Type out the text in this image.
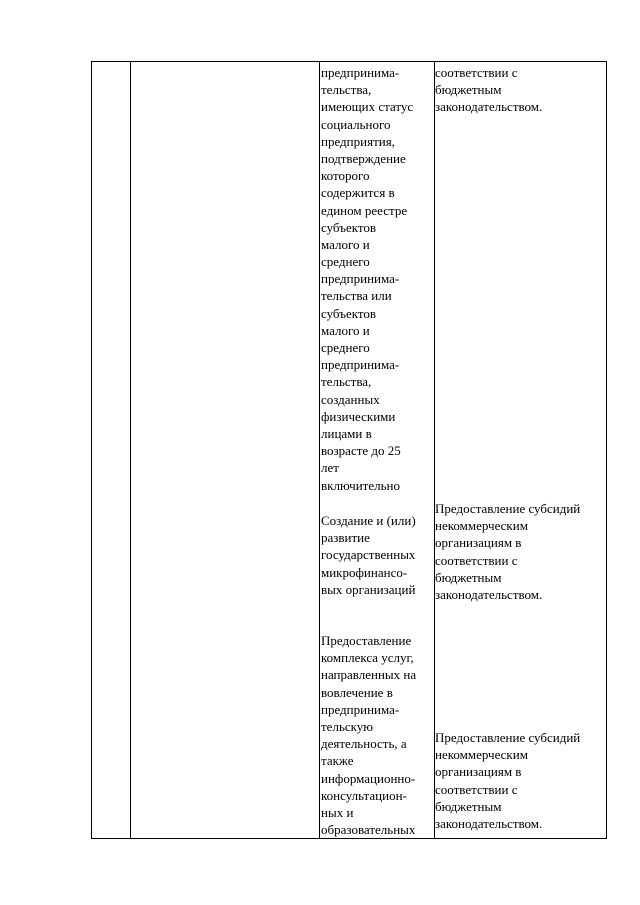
предпринима-
тельства,
имеющих статус
социального
предприятия,
подтверждение
которого
содержится в
едином реестре
субъектов
малого и
среднего
предпринима-
тельства или
субъектов
малого и
среднего
предпринима-
тельства,
созданных
физическими
лицами в
возрасте до 25
лет
включительно
Создание и (или)
развитие
государственных
микрофинансо-
вых организаций
Предоставление
комплекса услуг,
направленных на
вовлечение в
предпринима-
тельскую
деятельность, а
также
информационно-
консультацион-
ных и
образовательных
соответствии с
бюджетным
законодательством.
Предоставление субсидий
некоммерческим
организациям в
соответствии с
бюджетным
законодательством.
Предоставление субсидий
некоммерческим
организациям в
соответствии с
бюджетным
законодательством.
